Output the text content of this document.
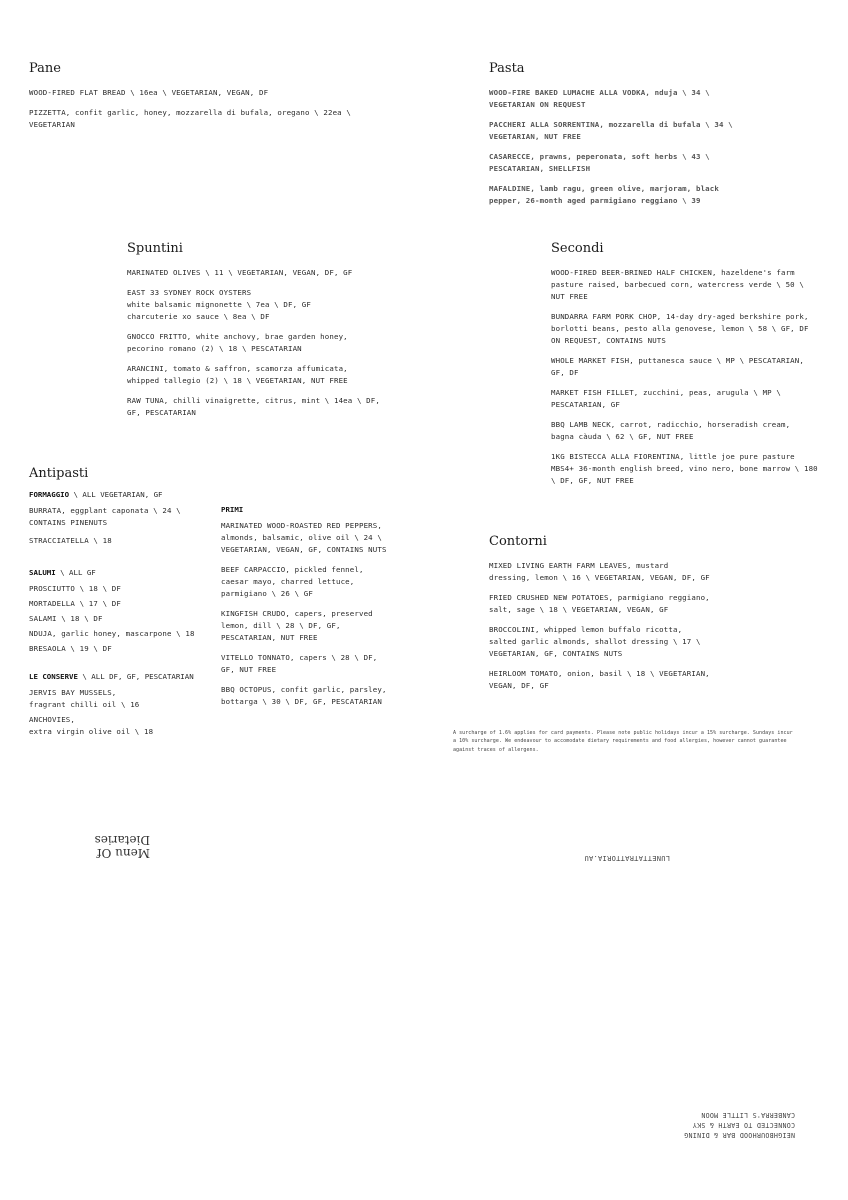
Pane

WOOD-FIRED FLAT BREAD \ 16ea \ VEGETARIAN, VEGAN, DF

PIZZETTA, confit garlic, honey, mozzarella di bufala, oregano \ 22ea \
VEGETARIAN

Pasta

WOOD-FIRE BAKED LUMACHE ALLA VODKA, nduja \ 34 \
VEGETARIAN ON REQUEST

PACCHERI ALLA SORRENTINA, mozzarella di bufala \ 34 \
VEGETARIAN, NUT FREE

CASARECCE, prawns, peperonata, soft herbs \ 43 \
PESCATARIAN, SHELLFISH

MAFALDINE, lamb ragu, green olive, marjoram, black
pepper, 26-month aged parmigiano reggiano \ 39

Spuntini

MARINATED OLIVES \ 11 \ VEGETARIAN, VEGAN, DF, GF

EAST 33 SYDNEY ROCK OYSTERS
white balsamic mignonette \ 7ea \ DF, GF
charcuterie xo sauce \ 8ea \ DF

GNOCCO FRITTO, white anchovy, brae garden honey,
pecorino romano (2) \ 18 \ PESCATARIAN

ARANCINI, tomato & saffron, scamorza affumicata,
whipped tallegio (2) \ 18 \ VEGETARIAN, NUT FREE

RAW TUNA, chilli vinaigrette, citrus, mint \ 14ea \ DF,
GF, PESCATARIAN

Secondi

WOOD-FIRED BEER-BRINED HALF CHICKEN, hazeldene's farm
pasture raised, barbecued corn, watercress verde \ 50 \
NUT FREE

BUNDARRA FARM PORK CHOP, 14-day dry-aged berkshire pork,
borlotti beans, pesto alla genovese, lemon \ 58 \ GF, DF
ON REQUEST, CONTAINS NUTS

WHOLE MARKET FISH, puttanesca sauce \ MP \ PESCATARIAN,
GF, DF

MARKET FISH FILLET, zucchini, peas, arugula \ MP \
PESCATARIAN, GF

BBQ LAMB NECK, carrot, radicchio, horseradish cream,
bagna càuda \ 62 \ GF, NUT FREE

1KG BISTECCA ALLA FIORENTINA, little joe pure pasture
MBS4+ 36-month english breed, vino nero, bone marrow \ 180
\ DF, GF, NUT FREE

Antipasti

FORMAGGIO \ ALL VEGETARIAN, GF

BURRATA, eggplant caponata \ 24 \
CONTAINS PINENUTS

STRACCIATELLA \ 18

SALUMI \ ALL GF

PROSCIUTTO \ 18 \ DF

MORTADELLA \ 17 \ DF

SALAMI \ 18 \ DF

NDUJA, garlic honey, mascarpone \ 18

BRESAOLA \ 19 \ DF

LE CONSERVE \ ALL DF, GF, PESCATARIAN

JERVIS BAY MUSSELS,
fragrant chilli oil \ 16

ANCHOVIES,
extra virgin olive oil \ 18

PRIMI

MARINATED WOOD-ROASTED RED PEPPERS,
almonds, balsamic, olive oil \ 24 \
VEGETARIAN, VEGAN, GF, CONTAINS NUTS

BEEF CARPACCIO, pickled fennel,
caesar mayo, charred lettuce,
parmigiano \ 26 \ GF

KINGFISH CRUDO, capers, preserved
lemon, dill \ 28 \ DF, GF,
PESCATARIAN, NUT FREE

VITELLO TONNATO, capers \ 28 \ DF,
GF, NUT FREE

BBQ OCTOPUS, confit garlic, parsley,
bottarga \ 30 \ DF, GF, PESCATARIAN

Contorni

MIXED LIVING EARTH FARM LEAVES, mustard
dressing, lemon \ 16 \ VEGETARIAN, VEGAN, DF, GF

FRIED CRUSHED NEW POTATOES, parmigiano reggiano,
salt, sage \ 18 \ VEGETARIAN, VEGAN, GF

BROCCOLINI, whipped lemon buffalo ricotta,
salted garlic almonds, shallot dressing \ 17 \
VEGETARIAN, GF, CONTAINS NUTS

HEIRLOOM TOMATO, onion, basil \ 18 \ VEGETARIAN,
VEGAN, DF, GF

A surcharge of 1.6% applies for card payments. Please note public holidays incur a 15% surcharge. Sundays incur
a 10% surcharge. We endeavour to accomodate dietary requirements and food allergies, however cannot guarantee
against traces of allergens.
Menu Of
Dietaries
LUNETTATRATTORIA.AU
NEIGHBOURHOOD BAR & DINING
CONNECTED TO EARTH & SKY
CANBERRA'S LITTLE MOON
